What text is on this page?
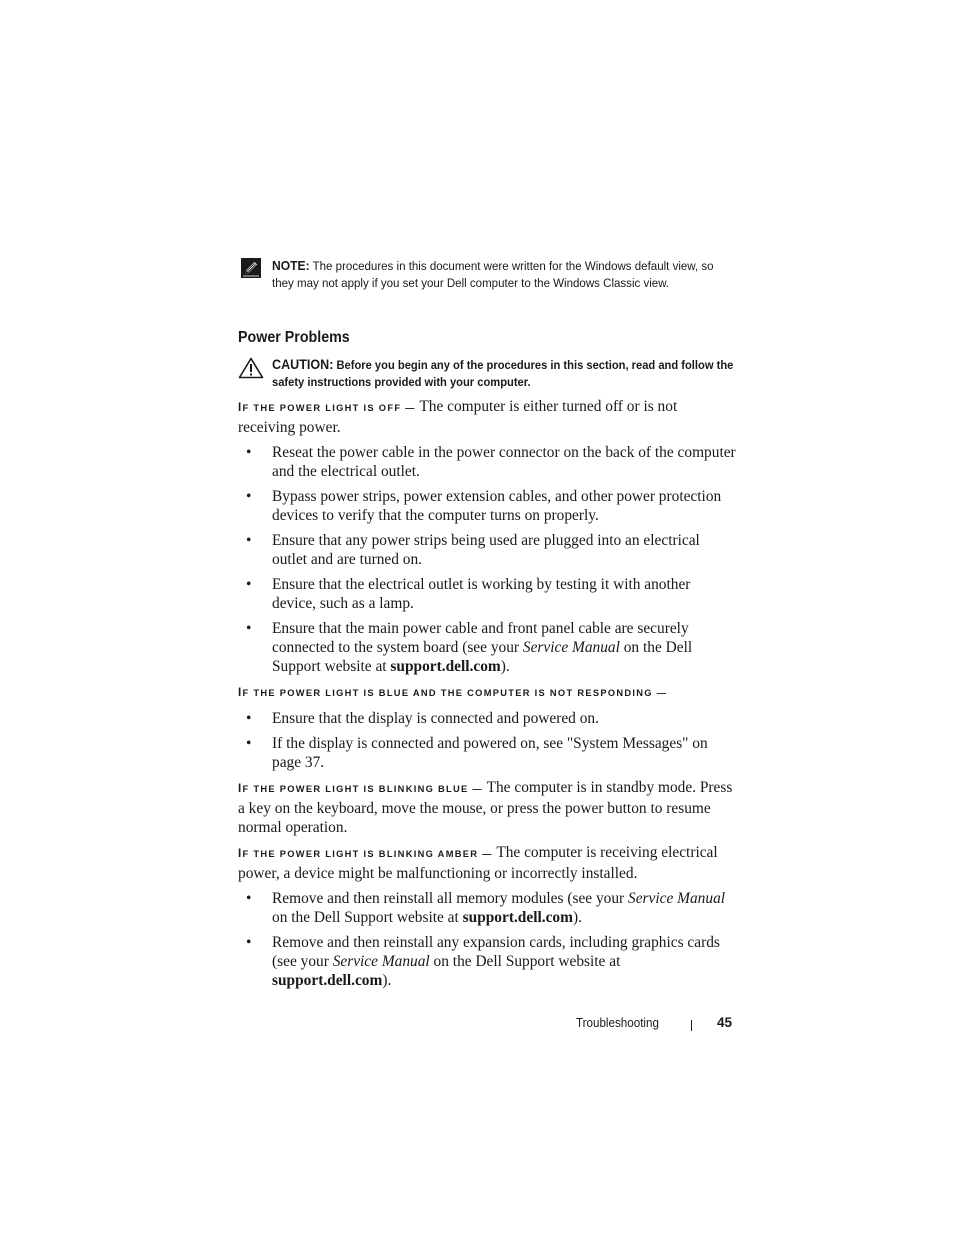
NOTE: The procedures in this document were written for the Windows default view, so they may not apply if you set your Dell computer to the Windows Classic view.
Power Problems
CAUTION: Before you begin any of the procedures in this section, read and follow the safety instructions provided with your computer.

IF THE POWER LIGHT IS OFF — The computer is either turned off or is not receiving power.

• Reseat the power cable in the power connector on the back of the computer and the electrical outlet.
• Bypass power strips, power extension cables, and other power protection devices to verify that the computer turns on properly.
• Ensure that any power strips being used are plugged into an electrical outlet and are turned on.
• Ensure that the electrical outlet is working by testing it with another device, such as a lamp.
• Ensure that the main power cable and front panel cable are securely connected to the system board (see your Service Manual on the Dell Support website at support.dell.com).

IF THE POWER LIGHT IS BLUE AND THE COMPUTER IS NOT RESPONDING —

• Ensure that the display is connected and powered on.
• If the display is connected and powered on, see "System Messages" on page 37.

IF THE POWER LIGHT IS BLINKING BLUE — The computer is in standby mode. Press a key on the keyboard, move the mouse, or press the power button to resume normal operation.

IF THE POWER LIGHT IS BLINKING AMBER — The computer is receiving electrical power, a device might be malfunctioning or incorrectly installed.

• Remove and then reinstall all memory modules (see your Service Manual on the Dell Support website at support.dell.com).
• Remove and then reinstall any expansion cards, including graphics cards (see your Service Manual on the Dell Support website at support.dell.com).
Troubleshooting	45
